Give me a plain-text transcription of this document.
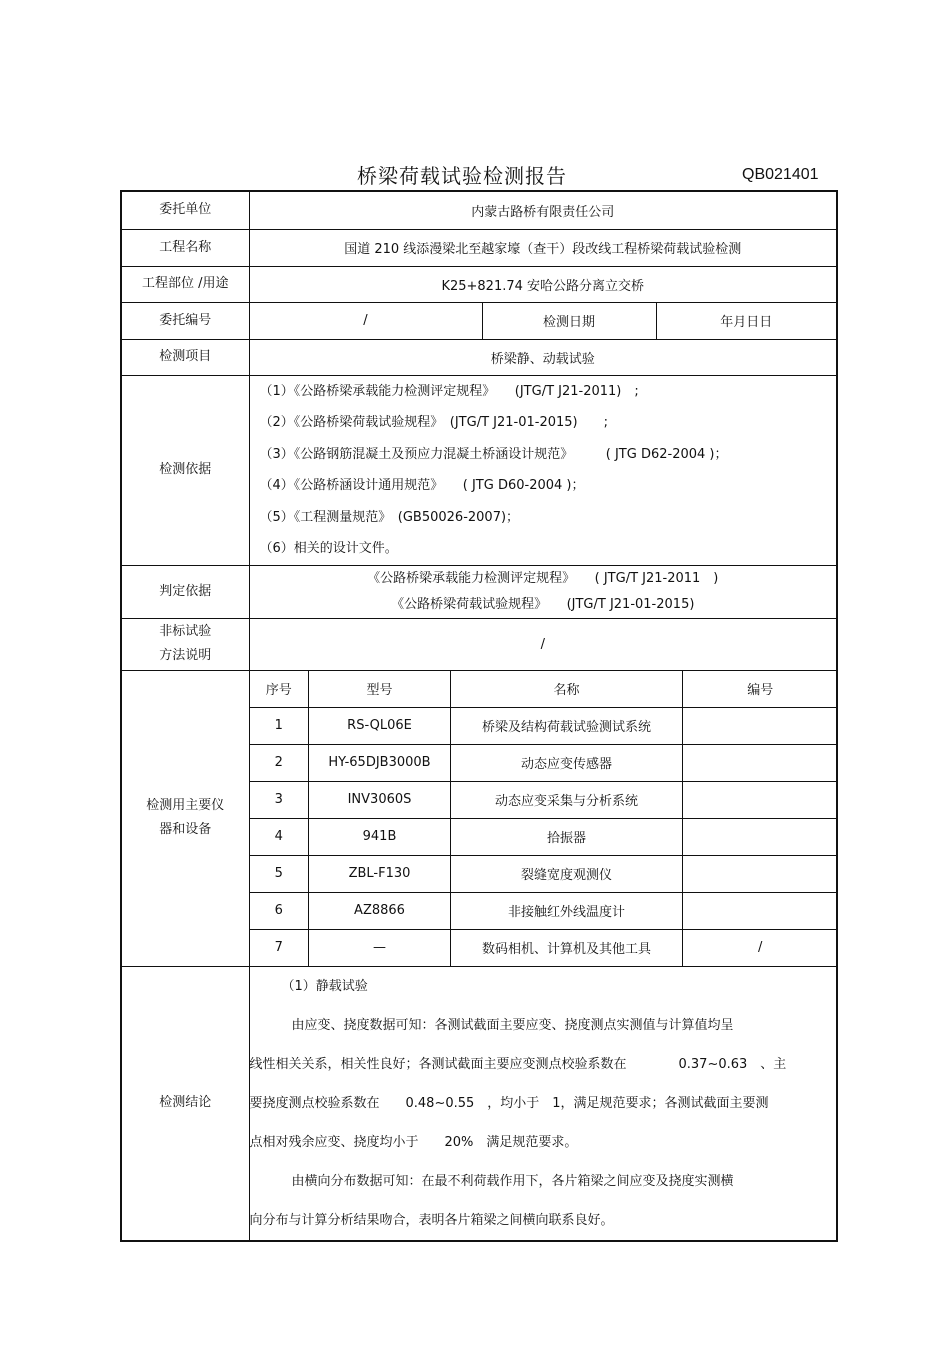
桥梁荷载试验检测报告	QB021401
委托单位	内蒙古路桥有限责任公司
工程名称	国道 210 线添漫梁北至越家壕（查干）段改线工程桥梁荷载试验检测
工程部位 /用途	K25+821.74 安哈公路分离立交桥
委托编号	/	检测日期	年月日日
检测项目	桥梁静、动载试验
检测依据	
（1）《公路桥梁承载能力检测评定规程》　　(JTG/T J21-2011)　;
（2）《公路桥梁荷载试验规程》　(JTG/T J21-01-2015)　　;
（3）《公路钢筋混凝土及预应力混凝土桥涵设计规范》　　　( JTG D62-2004 )；
（4）《公路桥涵设计通用规范》　　( JTG D60-2004 )；
（5）《工程测量规范》　(GB50026-2007)；
（6）相关的设计文件。

判定依据	
《公路桥梁承载能力检测评定规程》　　( JTG/T J21-2011　)
《公路桥梁荷载试验规程》　　(JTG/T J21-01-2015)

非标试验
方法说明
	/

检测用主要仪
器和设备

序号	型号	名称	编号
1	RS-QL06E	桥梁及结构荷载试验测试系统	
2	HY-65DJB3000B	动态应变传感器	
3	INV3060S	动态应变采集与分析系统	
4	941B	拾振器	
5	ZBL-F130	裂缝宽度观测仪	
6	AZ8866	非接触红外线温度计	
7	—	数码相机、计算机及其他工具	/

检测结论	
（1）静载试验
由应变、挠度数据可知：各测试截面主要应变、挠度测点实测值与计算值均呈
线性相关关系，相关性良好；各测试截面主要应变测点校验系数在　　　　0.37~0.63　、主
要挠度测点校验系数在　　0.48~0.55　，均小于　1，满足规范要求；各测试截面主要测
点相对残余应变、挠度均小于　　20%　满足规范要求。
由横向分布数据可知：在最不利荷载作用下，各片箱梁之间应变及挠度实测横
向分布与计算分析结果吻合，表明各片箱梁之间横向联系良好。
